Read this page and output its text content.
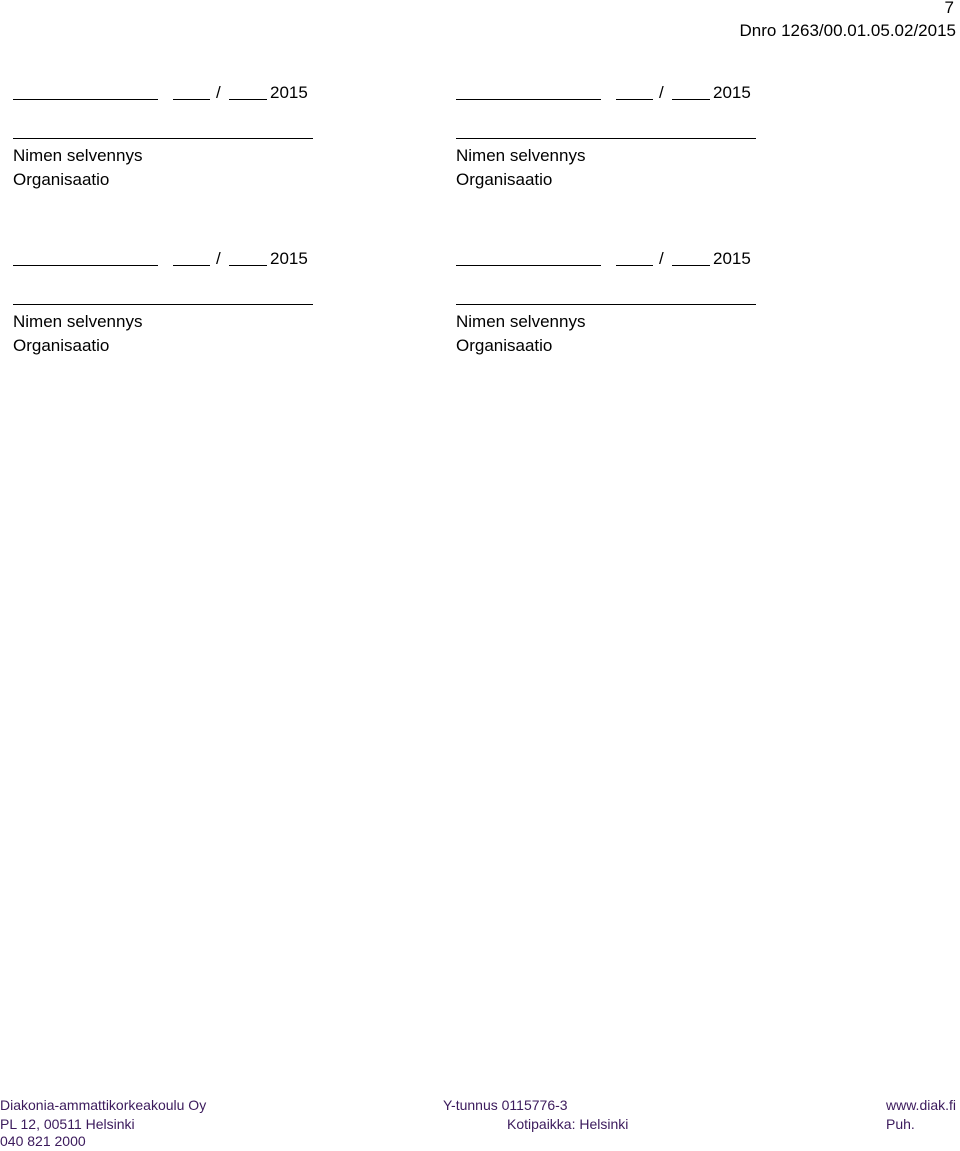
7
Dnro 1263/00.01.05.02/2015
/	2015
Nimen selvennys
Organisaatio
/	2015
Nimen selvennys
Organisaatio
/	2015
Nimen selvennys
Organisaatio
/	2015
Nimen selvennys
Organisaatio
Diakonia-ammattikorkeakoulu Oy	Y-tunnus 0115776-3	www.diak.fi
PL 12, 00511 Helsinki	Kotipaikka: Helsinki	Puh.
040 821 2000
